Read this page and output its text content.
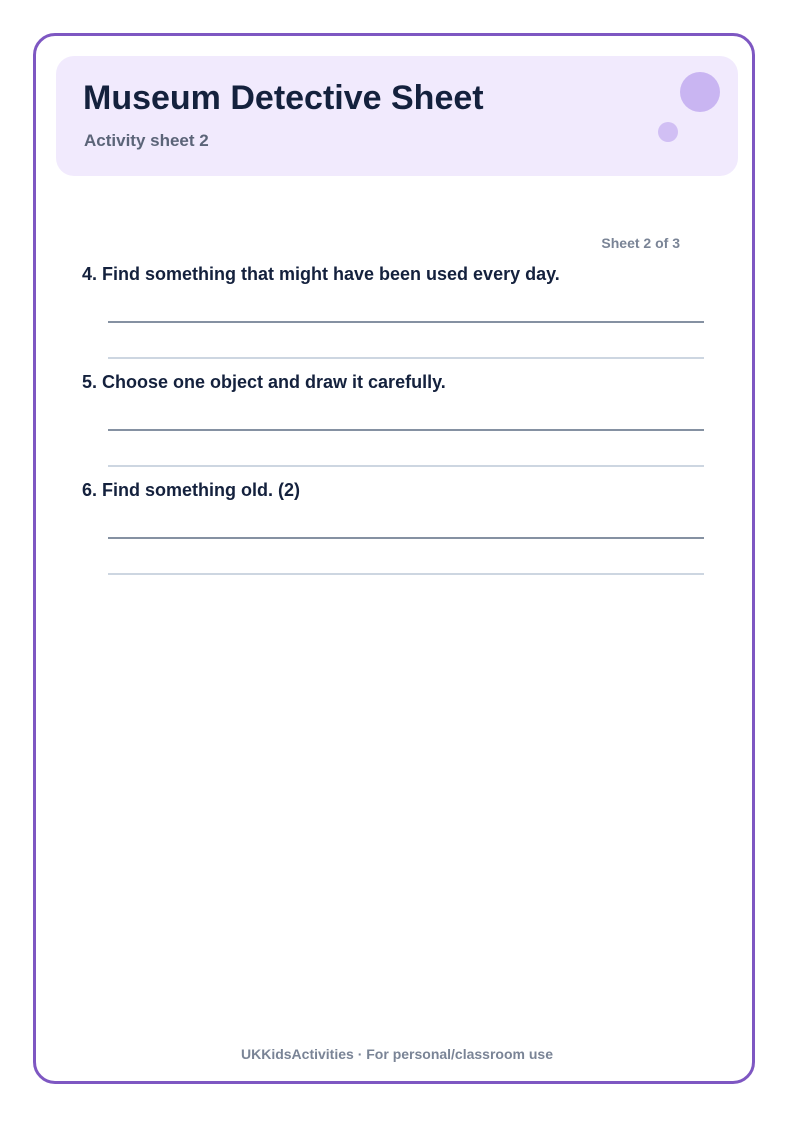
Museum Detective Sheet
Activity sheet 2
Sheet 2 of 3
4. Find something that might have been used every day.
5. Choose one object and draw it carefully.
6. Find something old. (2)
UKKidsActivities · For personal/classroom use
